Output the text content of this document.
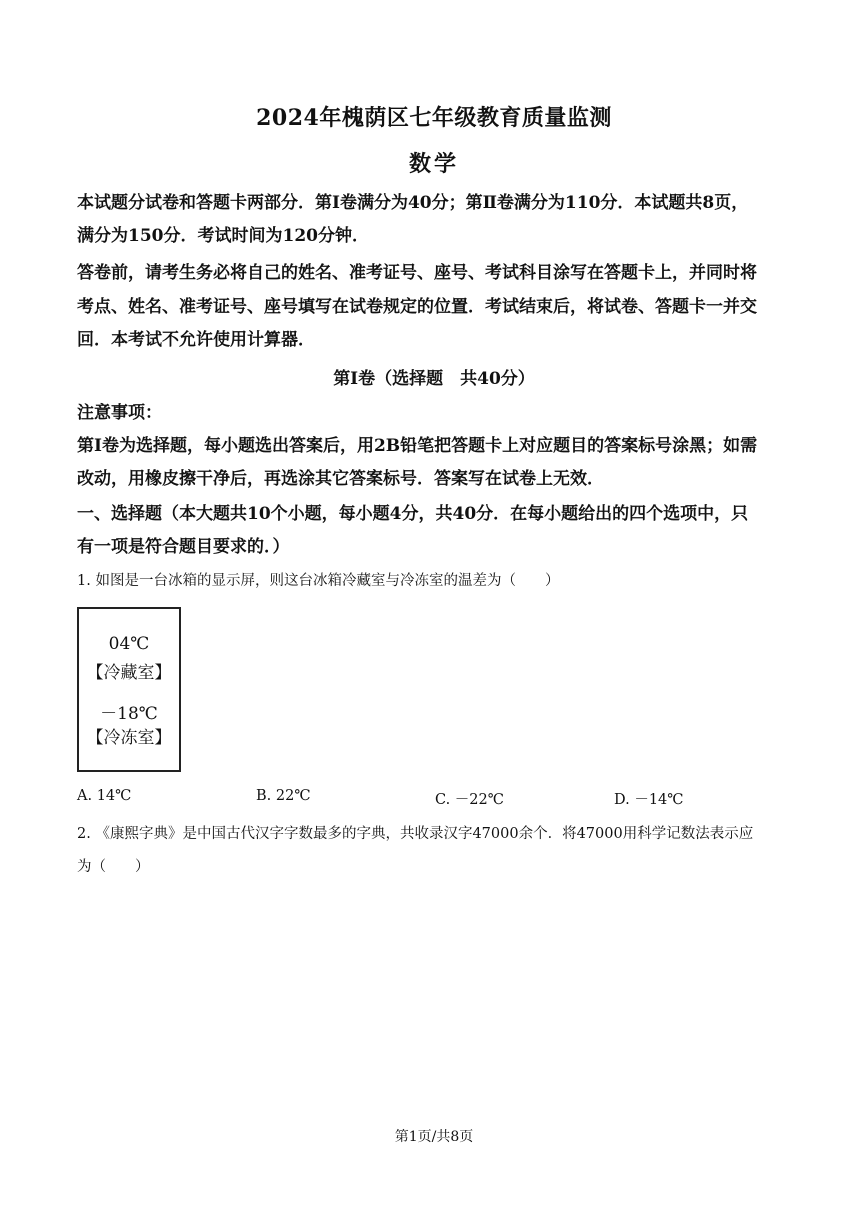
2024年槐荫区七年级教育质量监测
数学

本试题分试卷和答题卡两部分．第Ⅰ卷满分为40分；第Ⅱ卷满分为110分．本试题共8页，

满分为150分．考试时间为120分钟．

答卷前，请考生务必将自己的姓名、准考证号、座号、考试科目涂写在答题卡上，并同时将

考点、姓名、准考证号、座号填写在试卷规定的位置．考试结束后，将试卷、答题卡一并交

回．本考试不允许使用计算器．

第Ⅰ卷（选择题　共40分）

注意事项：

第Ⅰ卷为选择题，每小题选出答案后，用2B铅笔把答题卡上对应题目的答案标号涂黑；如需

改动，用橡皮擦干净后，再选涂其它答案标号．答案写在试卷上无效．

一、选择题（本大题共10个小题，每小题4分，共40分．在每小题给出的四个选项中，只

有一项是符合题目要求的．）

1. 如图是一台冰箱的显示屏，则这台冰箱冷藏室与冷冻室的温差为（　　）

04℃
【冷藏室】
－18℃
【冷冻室】
A. 14℃	B. 22℃	C. －22℃	D. －14℃

2. 《康熙字典》是中国古代汉字字数最多的字典，共收录汉字47000余个．将47000用科学记数法表示应

为（　　）

第1页/共8页
